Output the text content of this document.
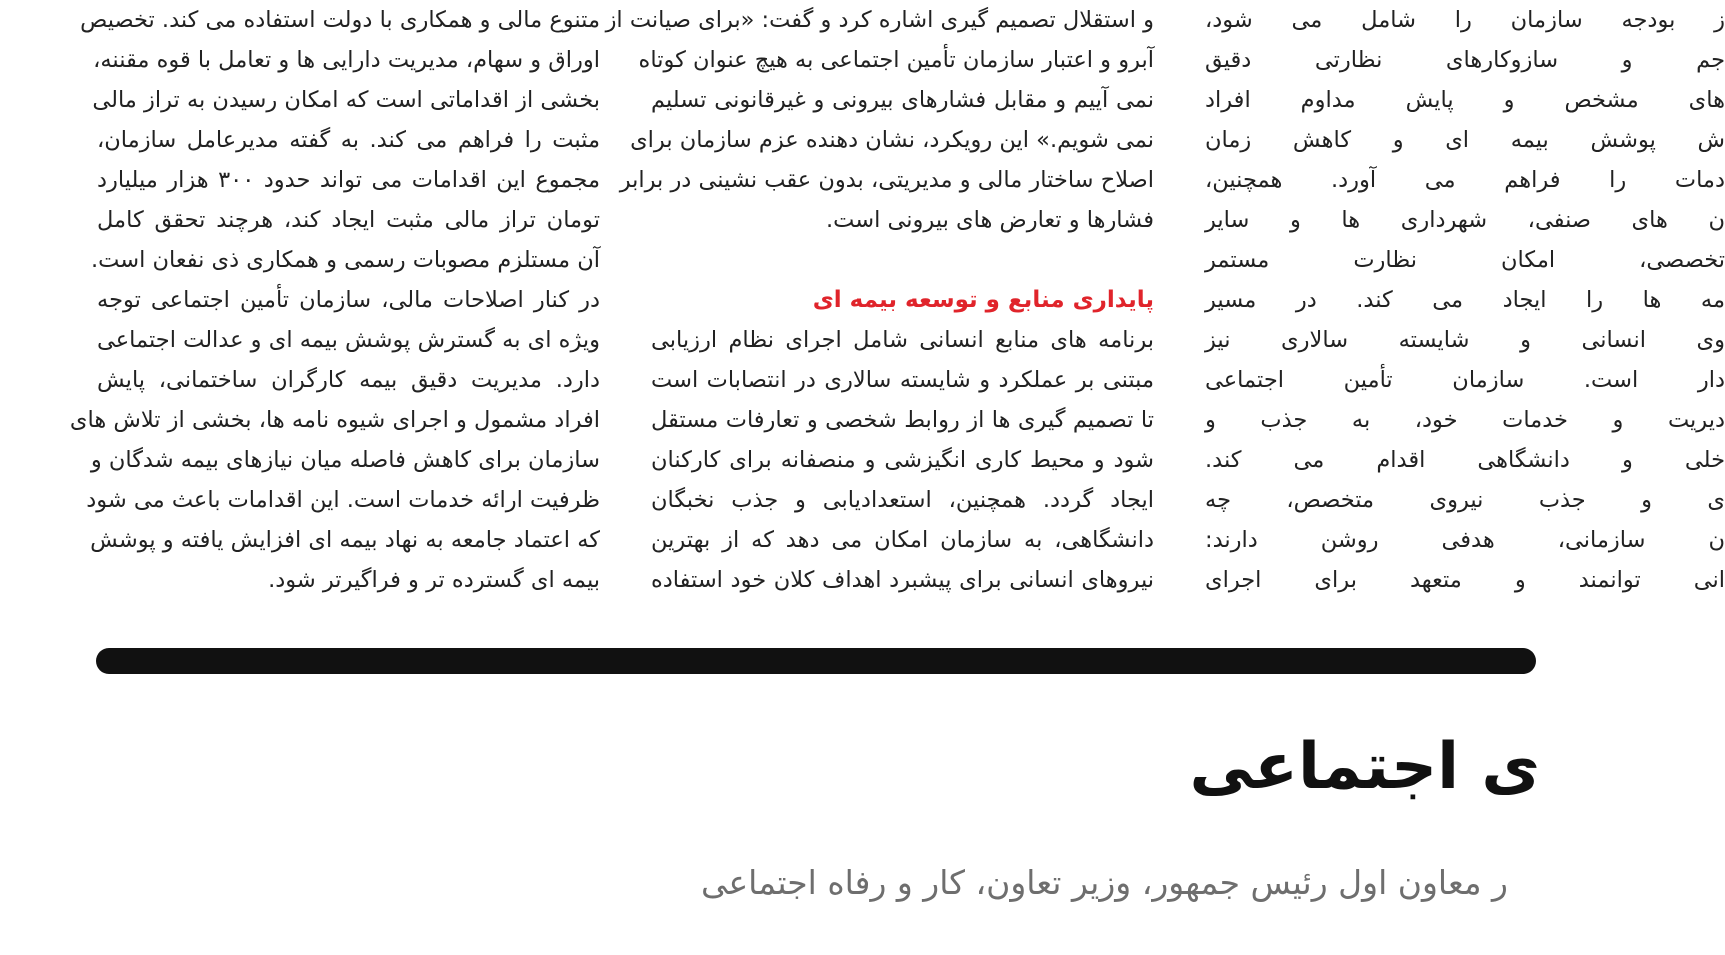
متنوع مالی و همکاری با دولت استفاده می کند. تخصیص
اوراق و سهام، مدیریت دارایی ها و تعامل با قوه مقننه،
بخشی از اقداماتی است که امکان رسیدن به تراز مالی
مثبت را فراهم می کند. به گفته مدیرعامل سازمان،
مجموع این اقدامات می تواند حدود ۳۰۰ هزار میلیارد
تومان تراز مالی مثبت ایجاد کند، هرچند تحقق کامل
آن مستلزم مصوبات رسمی و همکاری ذی نفعان است.
در کنار اصلاحات مالی، سازمان تأمین اجتماعی توجه
ویژه ای به گسترش پوشش بیمه ای و عدالت اجتماعی
دارد. مدیریت دقیق بیمه کارگران ساختمانی، پایش
افراد مشمول و اجرای شیوه نامه ها، بخشی از تلاش های
سازمان برای کاهش فاصله میان نیازهای بیمه شدگان و
ظرفیت ارائه خدمات است. این اقدامات باعث می شود
که اعتماد جامعه به نهاد بیمه ای افزایش یافته و پوشش
بیمه ای گسترده تر و فراگیرتر شود.
و استقلال تصمیم گیری اشاره کرد و گفت: «برای صیانت از
آبرو و اعتبار سازمان تأمین اجتماعی به هیچ عنوان کوتاه
نمی آییم و مقابل فشارهای بیرونی و غیرقانونی تسلیم
نمی شویم.» این رویکرد، نشان دهنده عزم سازمان برای
اصلاح ساختار مالی و مدیریتی، بدون عقب نشینی در برابر
فشارها و تعارض های بیرونی است.
پایداری منابع و توسعه بیمه ای
برنامه های منابع انسانی شامل اجرای نظام ارزیابی
مبتنی بر عملکرد و شایسته سالاری در انتصابات است
تا تصمیم گیری ها از روابط شخصی و تعارفات مستقل
شود و محیط کاری انگیزشی و منصفانه برای کارکنان
ایجاد گردد. همچنین، استعدادیابی و جذب نخبگان
دانشگاهی، به سازمان امکان می دهد که از بهترین
نیروهای انسانی برای پیشبرد اهداف کلان خود استفاده
ز بودجه سازمان را شامل می شود،
جم و سازوکارهای نظارتی دقیق
های مشخص و پایش مداوم افراد
ش پوشش بیمه ای و کاهش زمان
دمات را فراهم می آورد. همچنین،
ن های صنفی، شهرداری ها و سایر
تخصصی، امکان نظارت مستمر
مه ها را ایجاد می کند. در مسیر
وی انسانی و شایسته سالاری نیز
دار است. سازمان تأمین اجتماعی
دیریت و خدمات خود، به جذب و
خلی و دانشگاهی اقدام می کند.
ی و جذب نیروی متخصص، چه
ن سازمانی، هدفی روشن دارند:
انی توانمند و متعهد برای اجرای
ی اجتماعی

ر معاون اول رئیس جمهور، وزیر تعاون، کار و رفاه اجتماعی
